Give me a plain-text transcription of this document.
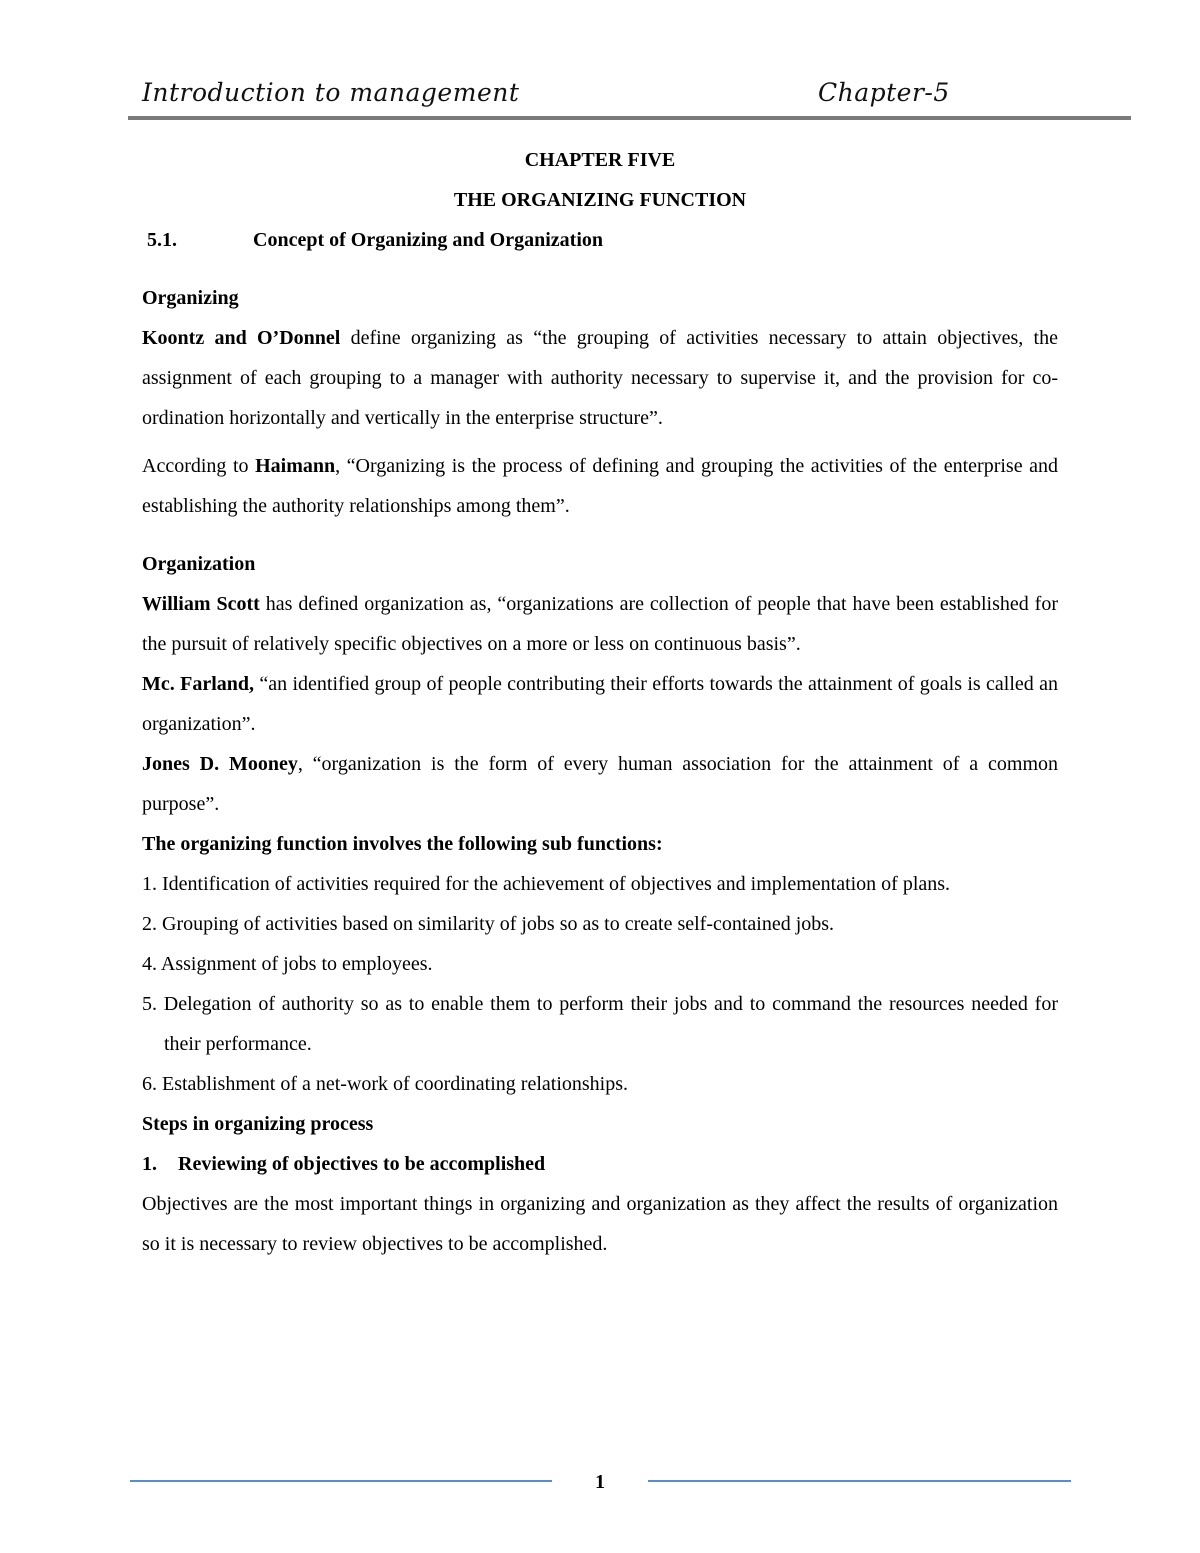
Introduction to management	Chapter-5

CHAPTER FIVE

THE ORGANIZING FUNCTION

5.1.	Concept of Organizing and Organization

Organizing

Koontz and O’Donnel define organizing as “the grouping of activities necessary to attain objectives, the assignment of each grouping to a manager with authority necessary to supervise it, and the provision for co-ordination horizontally and vertically in the enterprise structure”.

According to Haimann, “Organizing is the process of defining and grouping the activities of the enterprise and establishing the authority relationships among them”.

Organization

William Scott has defined organization as, “organizations are collection of people that have been established for the pursuit of relatively specific objectives on a more or less on continuous basis”.

Mc. Farland, “an identified group of people contributing their efforts towards the attainment of goals is called an organization”.

Jones D. Mooney, “organization is the form of every human association for the attainment of a common purpose”.

The organizing function involves the following sub functions:

1. Identification of activities required for the achievement of objectives and implementation of plans.

2. Grouping of activities based on similarity of jobs so as to create self-contained jobs.

4. Assignment of jobs to employees.

5. Delegation of authority so as to enable them to perform their jobs and to command the resources needed for their performance.

6. Establishment of a net-work of coordinating relationships.

Steps in organizing process

1.	Reviewing of objectives to be accomplished

Objectives are the most important things in organizing and organization as they affect the results of organization so it is necessary to review objectives to be accomplished.

1
